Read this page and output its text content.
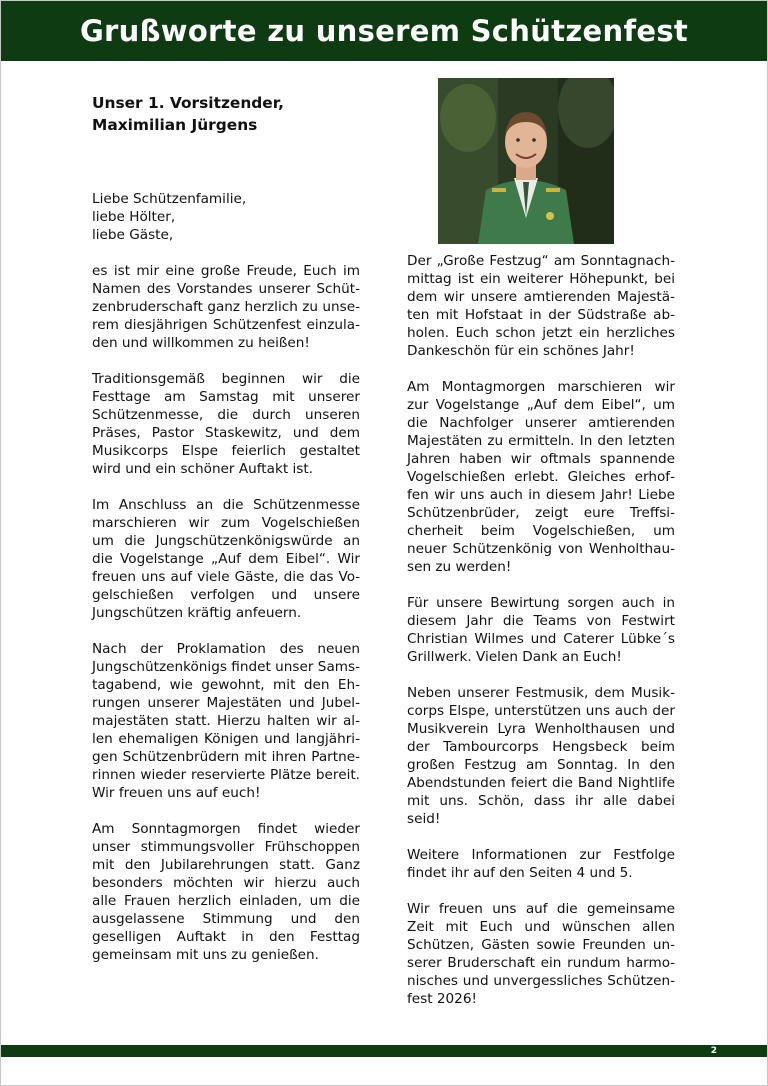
Grußworte zu unserem Schützenfest
Unser 1. Vorsitzender,
Maximilian Jürgens
Liebe Schützenfamilie,
liebe Hölter,
liebe Gäste,

es ist mir eine große Freude, Euch im Namen des Vorstandes unserer Schützenbruderschaft ganz herzlich zu unserem diesjährigen Schützenfest einzuladen und willkommen zu heißen!

Traditionsgemäß beginnen wir die Festtage am Samstag mit unserer Schützenmesse, die durch unseren Präses, Pastor Staskewitz, und dem Musikcorps Elspe feierlich gestaltet wird und ein schöner Auftakt ist.

Im Anschluss an die Schützenmesse marschieren wir zum Vogelschießen um die Jungschützenkönigswürde an die Vogelstange „Auf dem Eibel“. Wir freuen uns auf viele Gäste, die das Vogelschießen verfolgen und unsere Jungschützen kräftig anfeuern.

Nach der Proklamation des neuen Jungschützenkönigs findet unser Samstagabend, wie gewohnt, mit den Ehrungen unserer Majestäten und Jubelmajestäten statt. Hierzu halten wir allen ehemaligen Königen und langjährigen Schützenbrüdern mit ihren Partnerinnen wieder reservierte Plätze bereit. Wir freuen uns auf euch!

Am Sonntagmorgen findet wieder unser stimmungsvoller Frühschoppen mit den Jubilarehrungen statt. Ganz besonders möchten wir hierzu auch alle Frauen herzlich einladen, um die ausgelassene Stimmung und den geselligen Auftakt in den Festtag gemeinsam mit uns zu genießen.

Der „Große Festzug“ am Sonntagnachmittag ist ein weiterer Höhepunkt, bei dem wir unsere amtierenden Majestäten mit Hofstaat in der Südstraße abholen. Euch schon jetzt ein herzliches Dankeschön für ein schönes Jahr!

Am Montagmorgen marschieren wir zur Vogelstange „Auf dem Eibel“, um die Nachfolger unserer amtierenden Majestäten zu ermitteln. In den letzten Jahren haben wir oftmals spannende Vogelschießen erlebt. Gleiches erhoffen wir uns auch in diesem Jahr! Liebe Schützenbrüder, zeigt eure Treffsicherheit beim Vogelschießen, um neuer Schützenkönig von Wenholthausen zu werden!

Für unsere Bewirtung sorgen auch in diesem Jahr die Teams von Festwirt Christian Wilmes und Caterer Lübke´s Grillwerk. Vielen Dank an Euch!

Neben unserer Festmusik, dem Musikcorps Elspe, unterstützen uns auch der Musikverein Lyra Wenholthausen und der Tambourcorps Hengsbeck beim großen Festzug am Sonntag. In den Abendstunden feiert die Band Nightlife mit uns. Schön, dass ihr alle dabei seid!

Weitere Informationen zur Festfolge findet ihr auf den Seiten 4 und 5.

Wir freuen uns auf die gemeinsame Zeit mit Euch und wünschen allen Schützen, Gästen sowie Freunden unserer Bruderschaft ein rundum harmonisches und unvergessliches Schützenfest 2026!

2
